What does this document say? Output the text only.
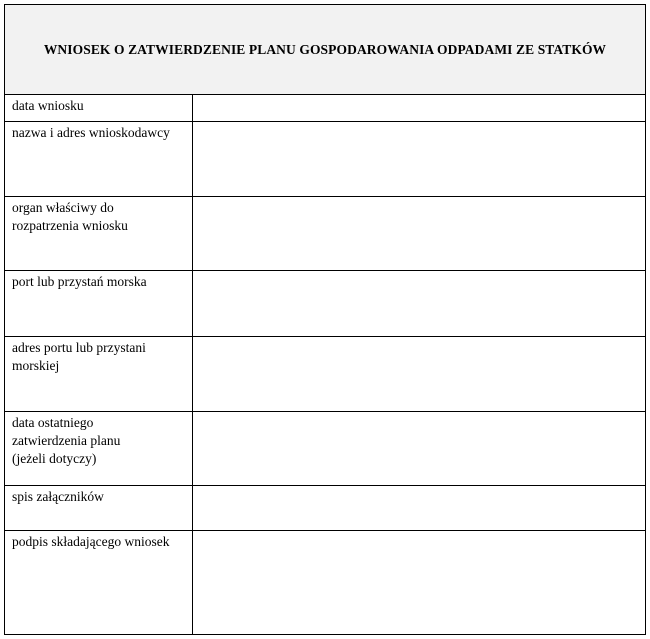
WNIOSEK O ZATWIERDZENIE PLANU GOSPODAROWANIA ODPADAMI ZE STATKÓW
data wniosku
nazwa i adres wnioskodawcy
organ właściwy do
rozpatrzenia wniosku
port lub przystań morska
adres portu lub przystani
morskiej
data ostatniego
zatwierdzenia planu
(jeżeli dotyczy)
spis załączników
podpis składającego wniosek
